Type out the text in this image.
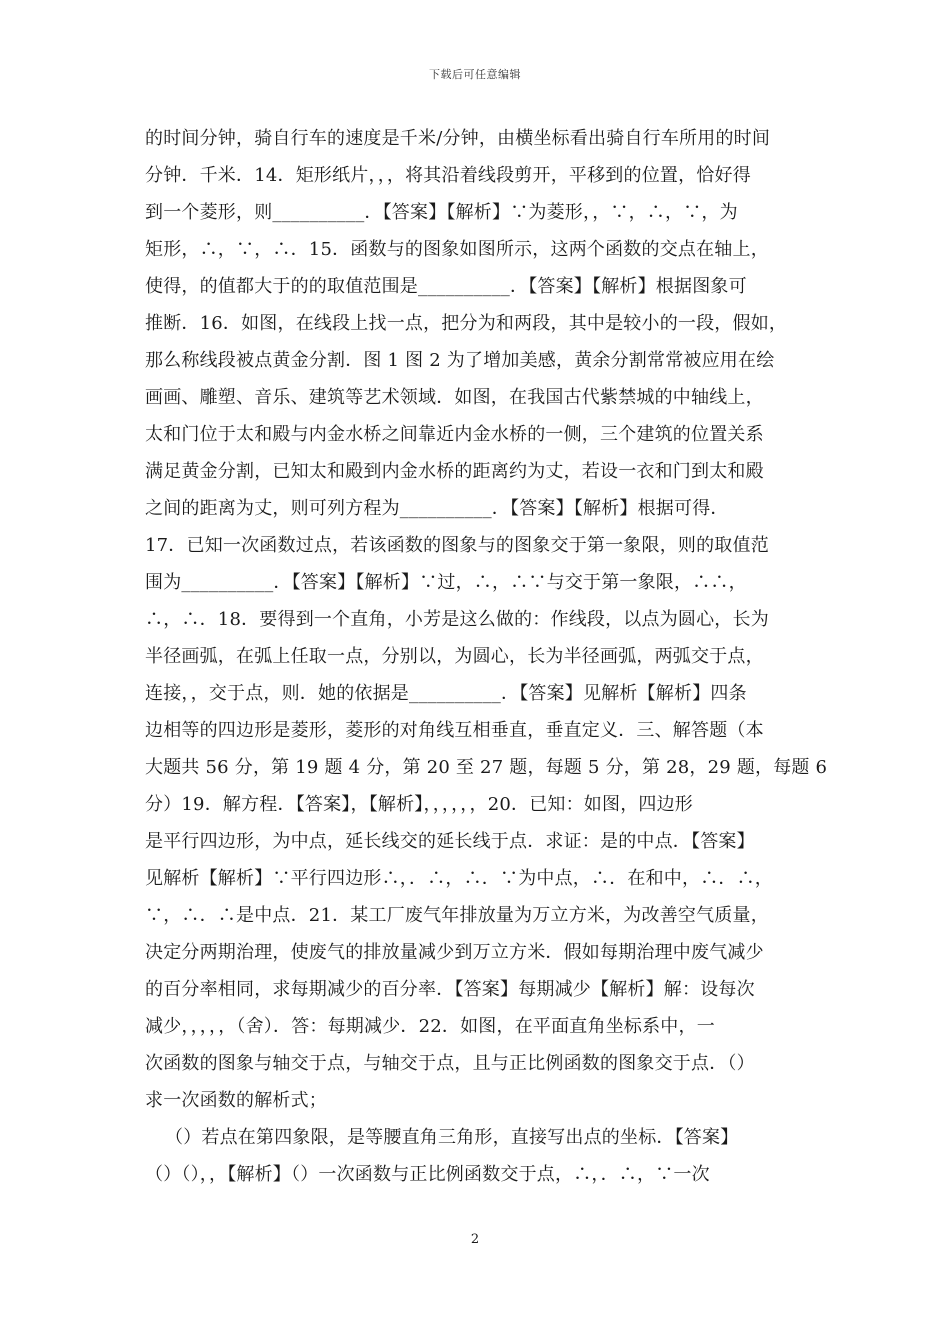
下载后可任意编辑
的时间分钟，骑自行车的速度是千米/分钟，由横坐标看出骑自行车所用的时间
分钟．千米．14．矩形纸片，，，将其沿着线段剪开，平移到的位置，恰好得
到一个菱形，则__________．【答案】【解析】∵为菱形，，∵，∴，∵，为
矩形，∴，∵，∴．15．函数与的图象如图所示，这两个函数的交点在轴上，
使得，的值都大于的的取值范围是__________．【答案】【解析】根据图象可
推断．16．如图，在线段上找一点，把分为和两段，其中是较小的一段，假如，
那么称线段被点黄金分割．图 1 图 2 为了增加美感，黄余分割常常被应用在绘
画画、雕塑、音乐、建筑等艺术领域．如图，在我国古代紫禁城的中轴线上，
太和门位于太和殿与内金水桥之间靠近内金水桥的一侧，三个建筑的位置关系
满足黄金分割，已知太和殿到内金水桥的距离约为丈，若设一衣和门到太和殿
之间的距离为丈，则可列方程为__________．【答案】【解析】根据可得．
17．已知一次函数过点，若该函数的图象与的图象交于第一象限，则的取值范
围为__________．【答案】【解析】∵过，∴，∴∵与交于第一象限，∴∴，
∴，∴．18．要得到一个直角，小芳是这么做的：作线段，以点为圆心，长为
半径画弧，在弧上任取一点，分别以，为圆心，长为半径画弧，两弧交于点，
连接，，交于点，则．她的依据是__________．【答案】见解析【解析】四条
边相等的四边形是菱形，菱形的对角线互相垂直，垂直定义．三、解答题（本
大题共 56 分，第 19 题 4 分，第 20 至 27 题，每题 5 分，第 28，29 题，每题 6
分）19．解方程．【答案】，【解析】，，，，，，20．已知：如图，四边形
是平行四边形，为中点，延长线交的延长线于点．求证：是的中点．【答案】
见解析【解析】∵平行四边形∴，．∴，∴．∵为中点，∴．在和中，∴．∴，
∵，∴．∴是中点．21．某工厂废气年排放量为万立方米，为改善空气质量，
决定分两期治理，使废气的排放量减少到万立方米．假如每期治理中废气减少
的百分率相同，求每期减少的百分率．【答案】每期减少【解析】解：设每次
减少，，，，，（舍）．答：每期减少．22．如图，在平面直角坐标系中，一
次函数的图象与轴交于点，与轴交于点，且与正比例函数的图象交于点．（）
求一次函数的解析式；
（）若点在第四象限，是等腰直角三角形，直接写出点的坐标．【答案】
（）（），，【解析】（）一次函数与正比例函数交于点，∴，．∴，∵一次
2
